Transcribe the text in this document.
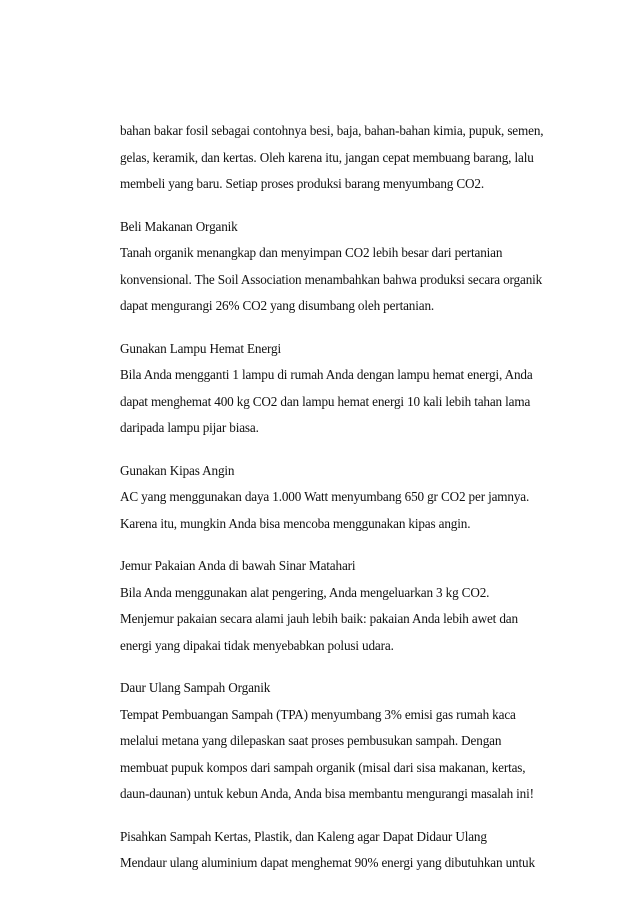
bahan bakar fosil sebagai contohnya besi, baja, bahan-bahan kimia, pupuk, semen,
gelas, keramik, dan kertas. Oleh karena itu, jangan cepat membuang barang, lalu
membeli yang baru. Setiap proses produksi barang menyumbang CO2.
Beli Makanan Organik
Tanah organik menangkap dan menyimpan CO2 lebih besar dari pertanian
konvensional. The Soil Association menambahkan bahwa produksi secara organik
dapat mengurangi 26% CO2 yang disumbang oleh pertanian.
Gunakan Lampu Hemat Energi
Bila Anda mengganti 1 lampu di rumah Anda dengan lampu hemat energi, Anda
dapat menghemat 400 kg CO2 dan lampu hemat energi 10 kali lebih tahan lama
daripada lampu pijar biasa.
Gunakan Kipas Angin
AC yang menggunakan daya 1.000 Watt menyumbang 650 gr CO2 per jamnya.
Karena itu, mungkin Anda bisa mencoba menggunakan kipas angin.
Jemur Pakaian Anda di bawah Sinar Matahari
Bila Anda menggunakan alat pengering, Anda mengeluarkan 3 kg CO2.
Menjemur pakaian secara alami jauh lebih baik: pakaian Anda lebih awet dan
energi yang dipakai tidak menyebabkan polusi udara.
Daur Ulang Sampah Organik
Tempat Pembuangan Sampah (TPA) menyumbang 3% emisi gas rumah kaca
melalui metana yang dilepaskan saat proses pembusukan sampah. Dengan
membuat pupuk kompos dari sampah organik (misal dari sisa makanan, kertas,
daun-daunan) untuk kebun Anda, Anda bisa membantu mengurangi masalah ini!
Pisahkan Sampah Kertas, Plastik, dan Kaleng agar Dapat Didaur Ulang
Mendaur ulang aluminium dapat menghemat 90% energi yang dibutuhkan untuk
